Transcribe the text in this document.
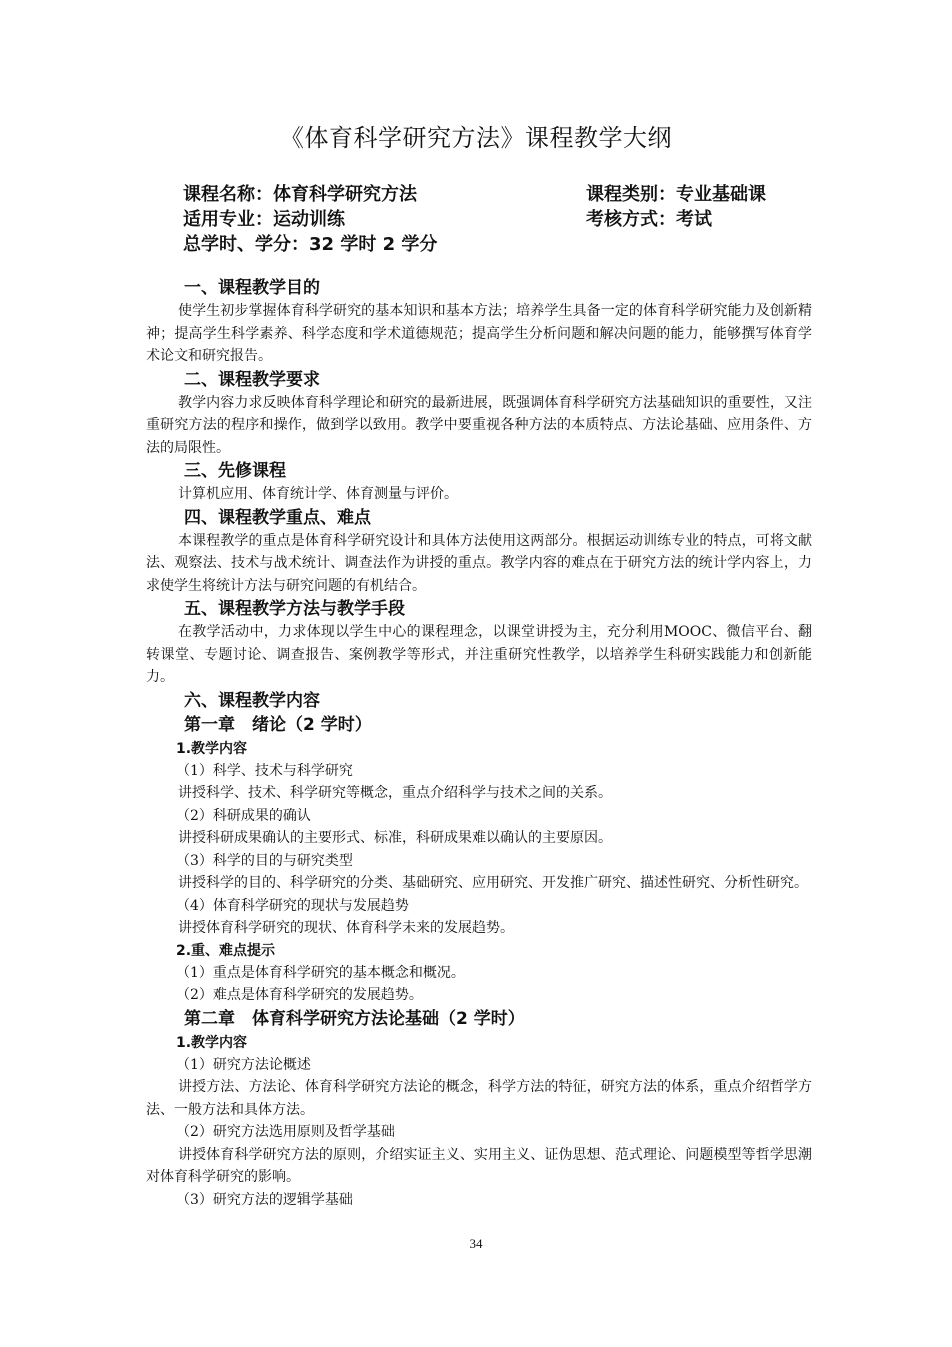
《体育科学研究方法》课程教学大纲
课程名称：体育科学研究方法	课程类别：专业基础课
适用专业：运动训练	考核方式：考试
总学时、学分：32 学时 2 学分
一、课程教学目的

使学生初步掌握体育科学研究的基本知识和基本方法；培养学生具备一定的体育科学研究能力及创新精神；提高学生科学素养、科学态度和学术道德规范；提高学生分析问题和解决问题的能力，能够撰写体育学术论文和研究报告。

二、课程教学要求

教学内容力求反映体育科学理论和研究的最新进展，既强调体育科学研究方法基础知识的重要性，又注重研究方法的程序和操作，做到学以致用。教学中要重视各种方法的本质特点、方法论基础、应用条件、方法的局限性。

三、先修课程

计算机应用、体育统计学、体育测量与评价。

四、课程教学重点、难点

本课程教学的重点是体育科学研究设计和具体方法使用这两部分。根据运动训练专业的特点，可将文献法、观察法、技术与战术统计、调查法作为讲授的重点。教学内容的难点在于研究方法的统计学内容上，力求使学生将统计方法与研究问题的有机结合。

五、课程教学方法与教学手段

在教学活动中，力求体现以学生中心的课程理念，以课堂讲授为主，充分利用MOOC、微信平台、翻转课堂、专题讨论、调查报告、案例教学等形式，并注重研究性教学，以培养学生科研实践能力和创新能力。

六、课程教学内容
第一章　绪论（2 学时）
1.教学内容
（1）科学、技术与科学研究

讲授科学、技术、科学研究等概念，重点介绍科学与技术之间的关系。

（2）科研成果的确认

讲授科研成果确认的主要形式、标准，科研成果难以确认的主要原因。

（3）科学的目的与研究类型

讲授科学的目的、科学研究的分类、基础研究、应用研究、开发推广研究、描述性研究、分析性研究。

（4）体育科学研究的现状与发展趋势

讲授体育科学研究的现状、体育科学未来的发展趋势。

2.重、难点提示
（1）重点是体育科学研究的基本概念和概况。
（2）难点是体育科学研究的发展趋势。
第二章　体育科学研究方法论基础（2 学时）
1.教学内容
（1）研究方法论概述

讲授方法、方法论、体育科学研究方法论的概念，科学方法的特征，研究方法的体系，重点介绍哲学方法、一般方法和具体方法。

（2）研究方法选用原则及哲学基础

讲授体育科学研究方法的原则，介绍实证主义、实用主义、证伪思想、范式理论、问题模型等哲学思潮对体育科学研究的影响。

（3）研究方法的逻辑学基础
34
